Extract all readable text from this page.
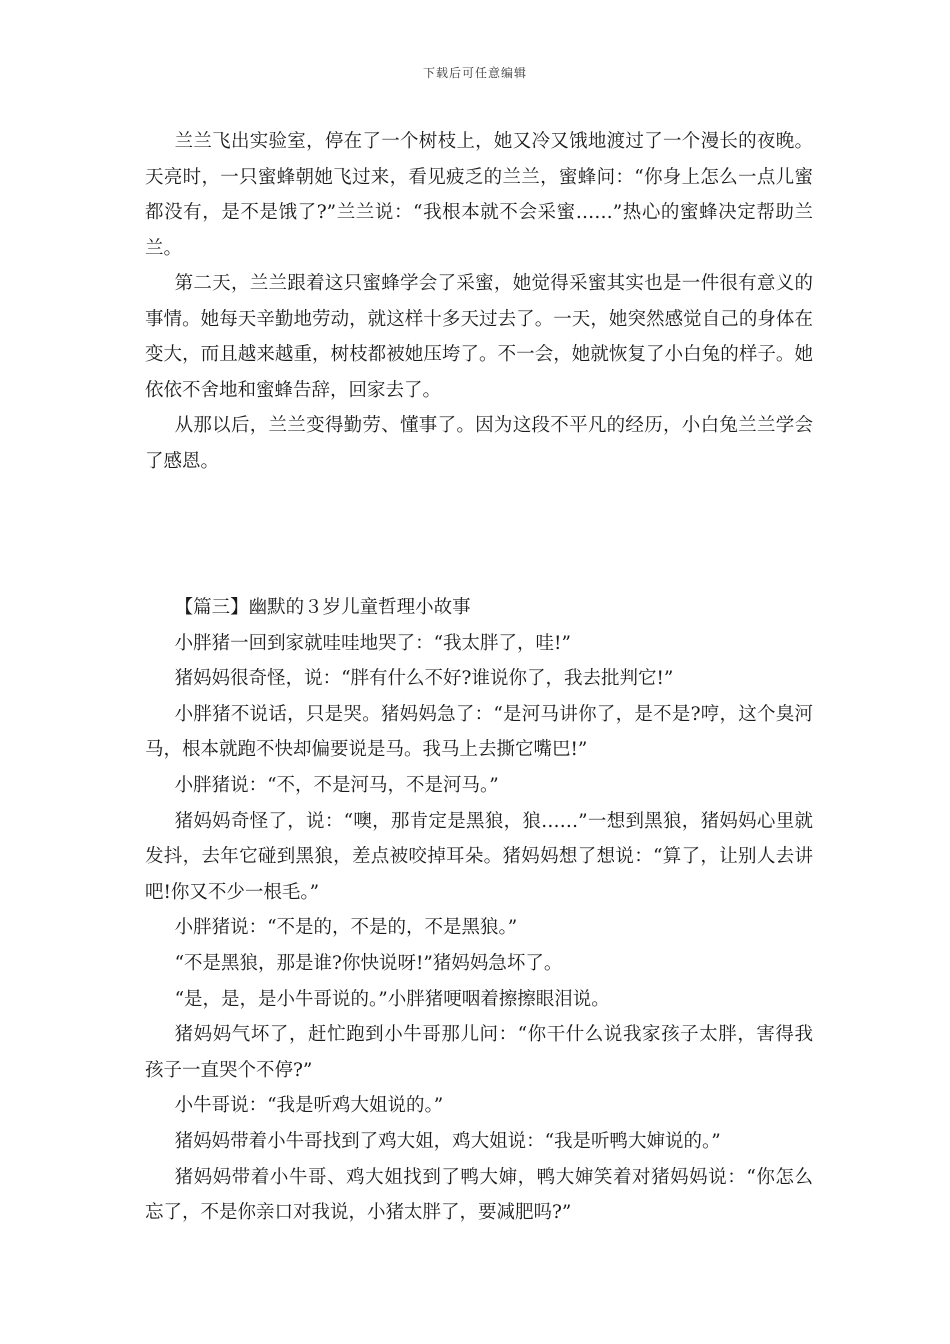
下载后可任意编辑

兰兰飞出实验室，停在了一个树枝上，她又冷又饿地渡过了一个漫长的夜晚。天亮时，一只蜜蜂朝她飞过来，看见疲乏的兰兰，蜜蜂问：“你身上怎么一点儿蜜都没有，是不是饿了?”兰兰说：“我根本就不会采蜜……”热心的蜜蜂决定帮助兰兰。

第二天，兰兰跟着这只蜜蜂学会了采蜜，她觉得采蜜其实也是一件很有意义的事情。她每天辛勤地劳动，就这样十多天过去了。一天，她突然感觉自己的身体在变大，而且越来越重，树枝都被她压垮了。不一会，她就恢复了小白兔的样子。她依依不舍地和蜜蜂告辞，回家去了。

从那以后，兰兰变得勤劳、懂事了。因为这段不平凡的经历，小白兔兰兰学会了感恩。

【篇三】幽默的３岁儿童哲理小故事

小胖猪一回到家就哇哇地哭了：“我太胖了，哇!”

猪妈妈很奇怪，说：“胖有什么不好?谁说你了，我去批判它!”

小胖猪不说话，只是哭。猪妈妈急了：“是河马讲你了，是不是?哼，这个臭河马，根本就跑不快却偏要说是马。我马上去撕它嘴巴!”

小胖猪说：“不，不是河马，不是河马。”

猪妈妈奇怪了，说：“噢，那肯定是黑狼，狼……”一想到黑狼，猪妈妈心里就发抖，去年它碰到黑狼，差点被咬掉耳朵。猪妈妈想了想说：“算了，让别人去讲吧!你又不少一根毛。”

小胖猪说：“不是的，不是的，不是黑狼。”

“不是黑狼，那是谁?你快说呀!”猪妈妈急坏了。

“是，是，是小牛哥说的。”小胖猪哽咽着擦擦眼泪说。

猪妈妈气坏了，赶忙跑到小牛哥那儿问：“你干什么说我家孩子太胖，害得我孩子一直哭个不停?”

小牛哥说：“我是听鸡大姐说的。”

猪妈妈带着小牛哥找到了鸡大姐，鸡大姐说：“我是听鸭大婶说的。”

猪妈妈带着小牛哥、鸡大姐找到了鸭大婶，鸭大婶笑着对猪妈妈说：“你怎么忘了，不是你亲口对我说，小猪太胖了，要减肥吗?”
